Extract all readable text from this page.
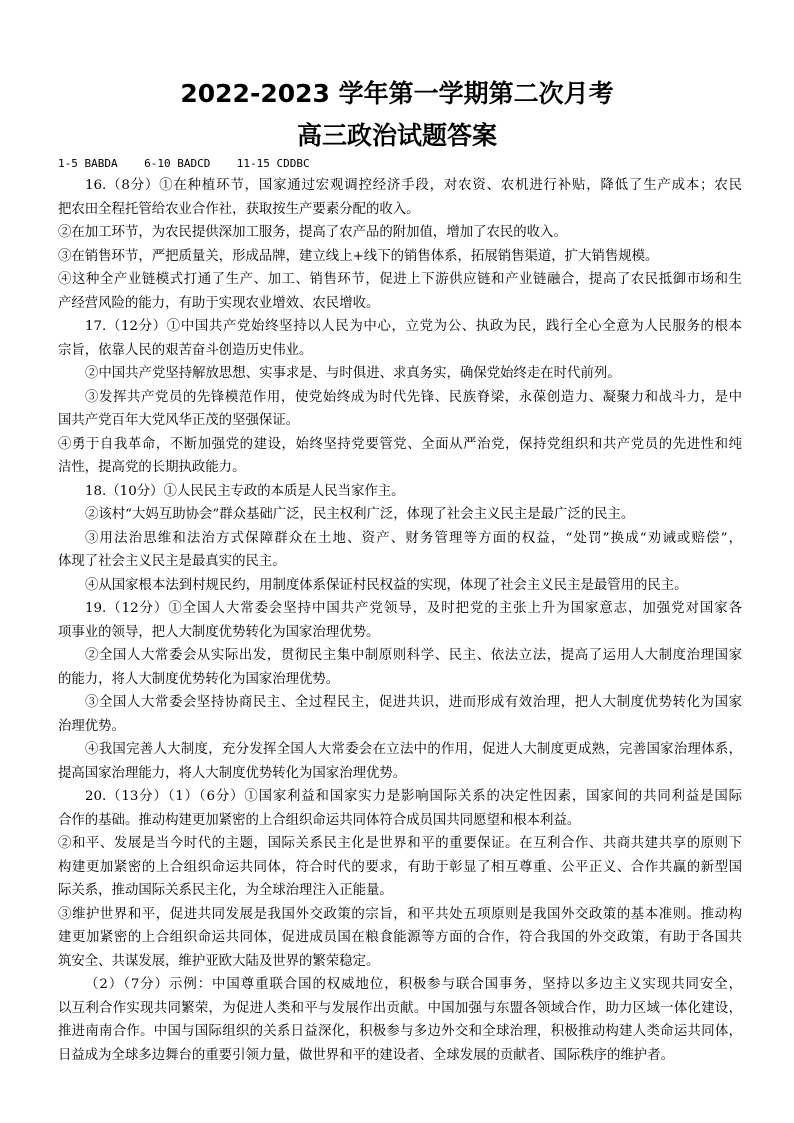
2022-2023 学年第一学期第二次月考
高三政治试题答案
1-5 BABDA    6-10 BADCD    11-15 CDDBC
16.（8分）①在种植环节，国家通过宏观调控经济手段，对农资、农机进行补贴，降低了生产成本；农民
把农田全程托管给农业合作社，获取按生产要素分配的收入。
②在加工环节，为农民提供深加工服务，提高了农产品的附加值，增加了农民的收入。
③在销售环节，严把质量关，形成品牌，建立线上+线下的销售体系，拓展销售渠道，扩大销售规模。
④这种全产业链模式打通了生产、加工、销售环节，促进上下游供应链和产业链融合，提高了农民抵御市场和生
产经营风险的能力，有助于实现农业增效、农民增收。
17.（12分）①中国共产党始终坚持以人民为中心，立党为公、执政为民，践行全心全意为人民服务的根本
宗旨，依靠人民的艰苦奋斗创造历史伟业。
②中国共产党坚持解放思想、实事求是、与时俱进、求真务实，确保党始终走在时代前列。
③发挥共产党员的先锋模范作用，使党始终成为时代先锋、民族脊梁，永葆创造力、凝聚力和战斗力，是中
国共产党百年大党风华正茂的坚强保证。
④勇于自我革命，不断加强党的建设，始终坚持党要管党、全面从严治党，保持党组织和共产党员的先进性和纯
洁性，提高党的长期执政能力。
18.（10分）①人民民主专政的本质是人民当家作主。
②该村“大妈互助协会”群众基础广泛，民主权利广泛，体现了社会主义民主是最广泛的民主。
③用法治思维和法治方式保障群众在土地、资产、财务管理等方面的权益，“处罚”换成“劝诫或赔偿”，
体现了社会主义民主是最真实的民主。
④从国家根本法到村规民约，用制度体系保证村民权益的实现，体现了社会主义民主是最管用的民主。
19.（12分）①全国人大常委会坚持中国共产党领导，及时把党的主张上升为国家意志，加强党对国家各
项事业的领导，把人大制度优势转化为国家治理优势。
②全国人大常委会从实际出发，贯彻民主集中制原则科学、民主、依法立法，提高了运用人大制度治理国家
的能力，将人大制度优势转化为国家治理优势。
③全国人大常委会坚持协商民主、全过程民主，促进共识，进而形成有效治理，把人大制度优势转化为国家
治理优势。
④我国完善人大制度，充分发挥全国人大常委会在立法中的作用，促进人大制度更成熟，完善国家治理体系，
提高国家治理能力，将人大制度优势转化为国家治理优势。
20.（13分）（1）（6分）①国家利益和国家实力是影响国际关系的决定性因素，国家间的共同利益是国际
合作的基础。推动构建更加紧密的上合组织命运共同体符合成员国共同愿望和根本利益。
②和平、发展是当今时代的主题，国际关系民主化是世界和平的重要保证。在互利合作、共商共建共享的原则下
构建更加紧密的上合组织命运共同体，符合时代的要求，有助于彰显了相互尊重、公平正义、合作共赢的新型国
际关系，推动国际关系民主化，为全球治理注入正能量。
③维护世界和平，促进共同发展是我国外交政策的宗旨，和平共处五项原则是我国外交政策的基本准则。推动构
建更加紧密的上合组织命运共同体，促进成员国在粮食能源等方面的合作，符合我国的外交政策，有助于各国共
筑安全、共谋发展，维护亚欧大陆及世界的繁荣稳定。
（2）（7分）示例：中国尊重联合国的权威地位，积极参与联合国事务，坚持以多边主义实现共同安全，
以互利合作实现共同繁荣，为促进人类和平与发展作出贡献。中国加强与东盟各领域合作，助力区域一体化建设，
推进南南合作。中国与国际组织的关系日益深化，积极参与多边外交和全球治理，积极推动构建人类命运共同体，
日益成为全球多边舞台的重要引领力量，做世界和平的建设者、全球发展的贡献者、国际秩序的维护者。
